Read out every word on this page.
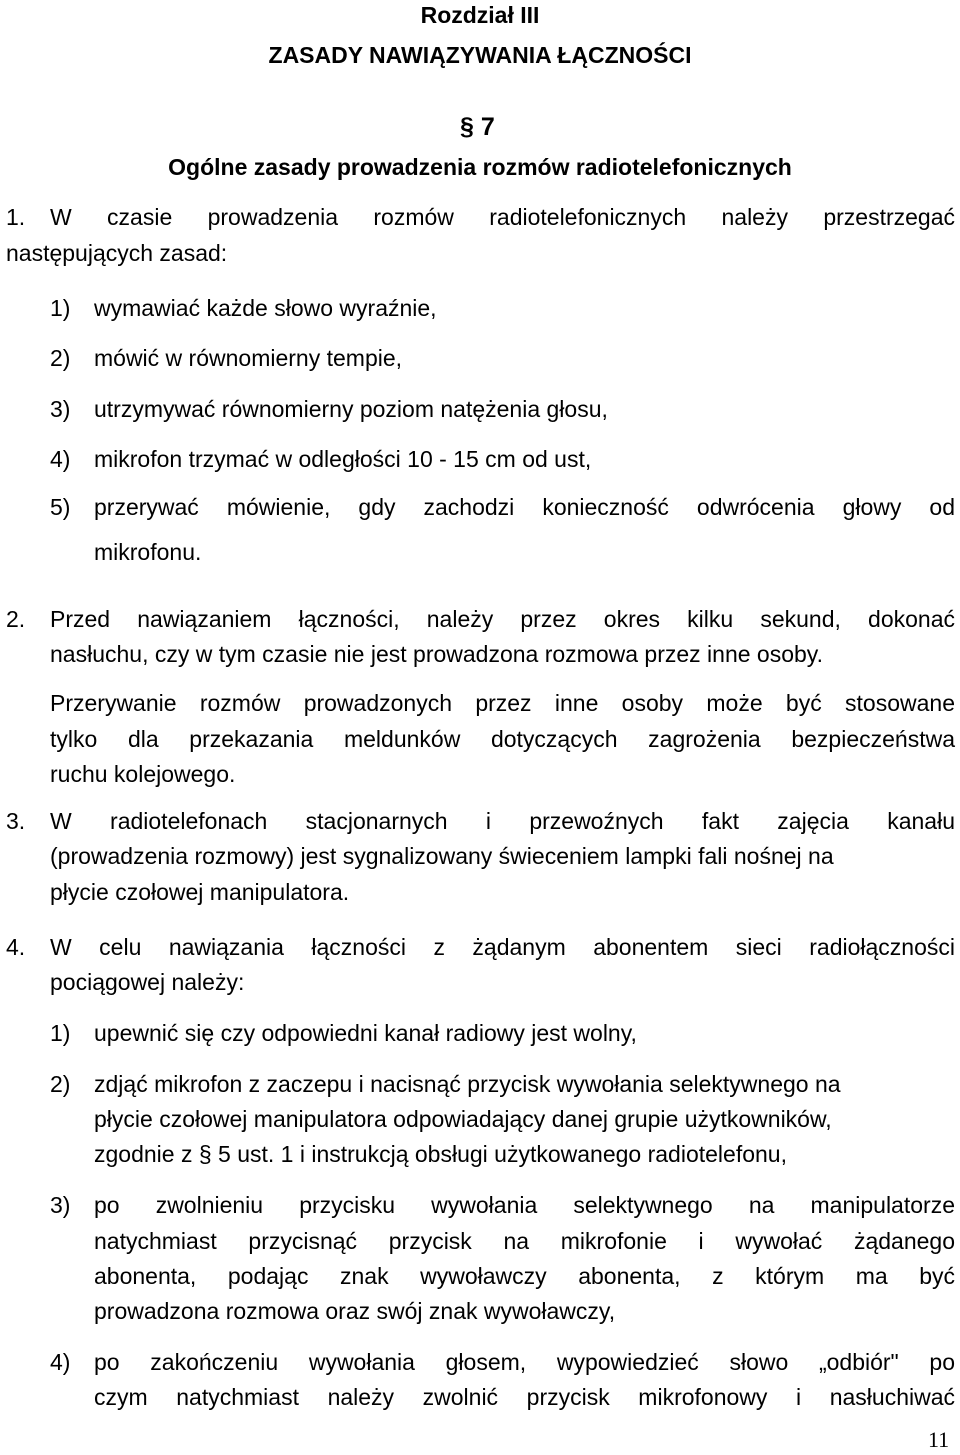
Rozdział III
ZASADY NAWIĄZYWANIA ŁĄCZNOŚCI
§ 7
Ogólne zasady prowadzenia rozmów radiotelefonicznych
1. W czasie prowadzenia rozmów radiotelefonicznych należy przestrzegać
następujących zasad:
1) wymawiać każde słowo wyraźnie,
2) mówić w równomierny tempie,
3) utrzymywać równomierny poziom natężenia głosu,
4) mikrofon trzymać w odległości 10 - 15 cm od ust,
5) przerywać mówienie, gdy zachodzi konieczność odwrócenia głowy od
mikrofonu.
2. Przed nawiązaniem łączności, należy przez okres kilku sekund, dokonać
nasłuchu, czy w tym czasie nie jest prowadzona rozmowa przez inne osoby.
Przerywanie rozmów prowadzonych przez inne osoby może być stosowane
tylko dla przekazania meldunków dotyczących zagrożenia bezpieczeństwa
ruchu kolejowego.
3. W radiotelefonach stacjonarnych i przewoźnych fakt zajęcia kanału
(prowadzenia rozmowy) jest sygnalizowany świeceniem lampki fali nośnej na
płycie czołowej manipulatora.
4. W celu nawiązania łączności z żądanym abonentem sieci radiołączności
pociągowej należy:
1) upewnić się czy odpowiedni kanał radiowy jest wolny,
2) zdjąć mikrofon z zaczepu i nacisnąć przycisk wywołania selektywnego na
płycie czołowej manipulatora odpowiadający danej grupie użytkowników,
zgodnie z § 5 ust. 1 i instrukcją obsługi użytkowanego radiotelefonu,
3) po zwolnieniu przycisku wywołania selektywnego na manipulatorze
natychmiast przycisnąć przycisk na mikrofonie i wywołać żądanego
abonenta, podając znak wywoławczy abonenta, z którym ma być
prowadzona rozmowa oraz swój znak wywoławczy,
4) po zakończeniu wywołania głosem, wypowiedzieć słowo „odbiór" po
czym natychmiast należy zwolnić przycisk mikrofonowy i nasłuchiwać
11
